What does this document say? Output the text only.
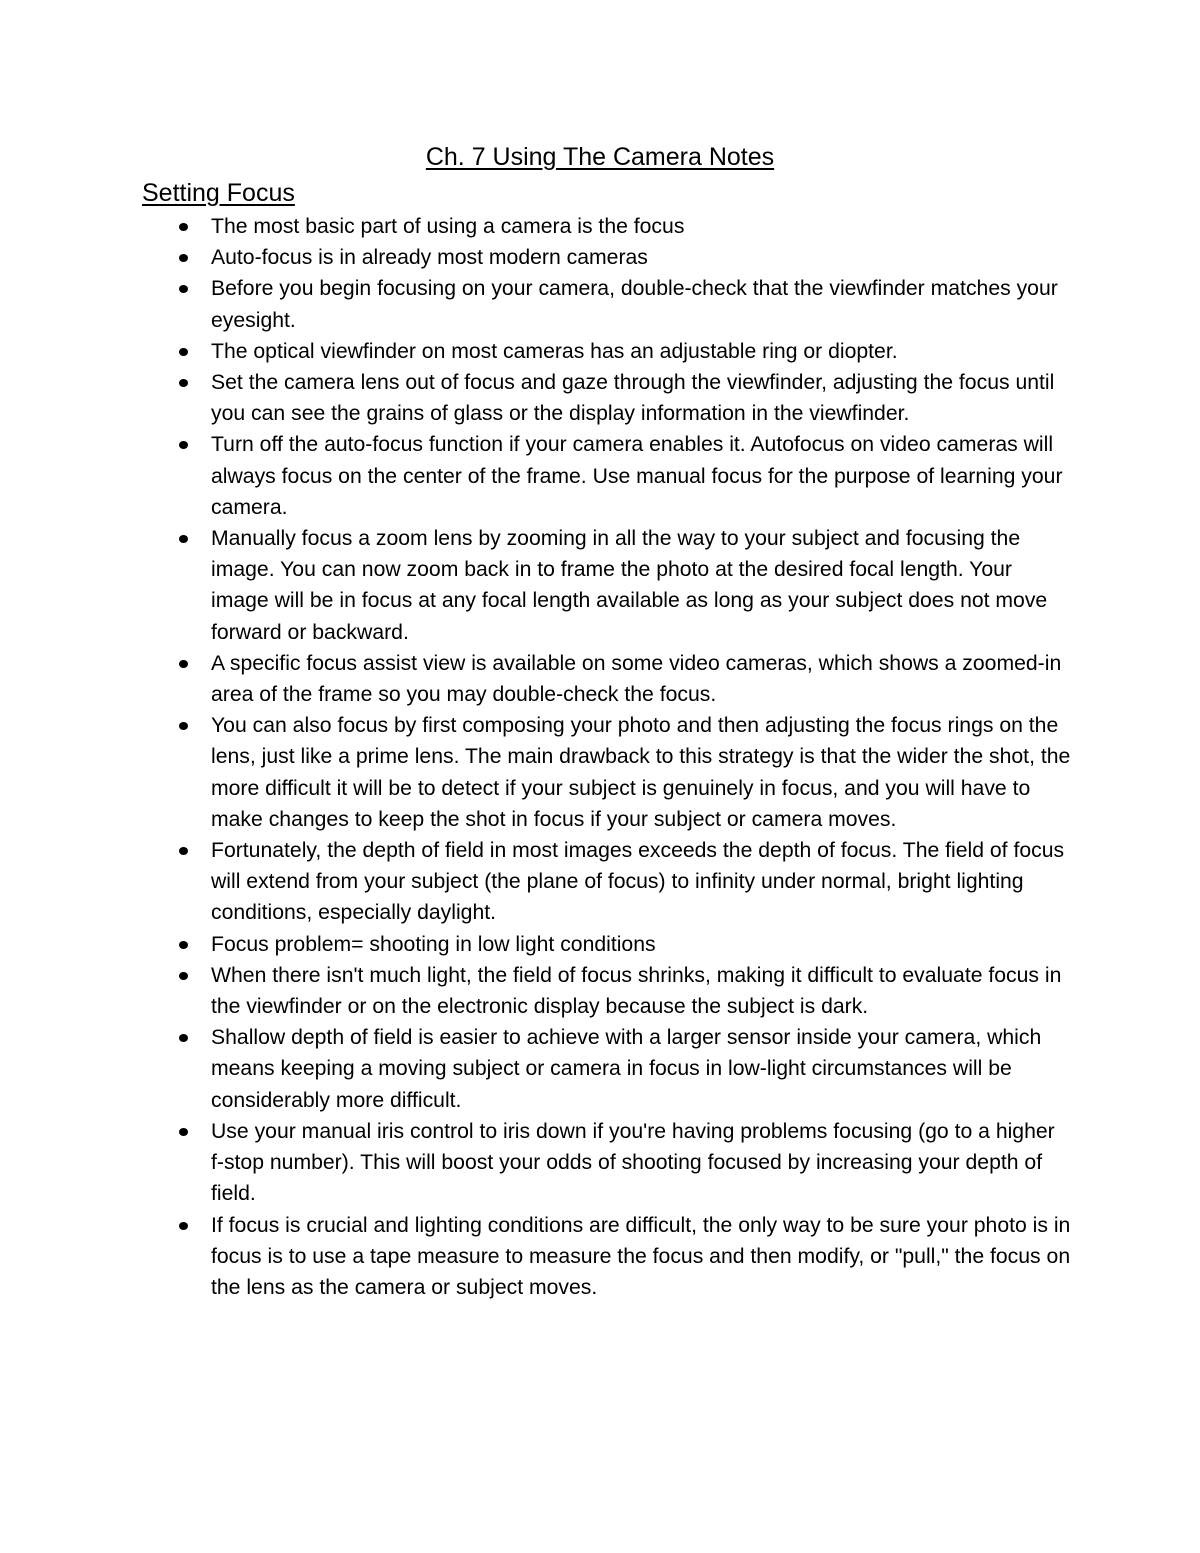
Ch. 7 Using The Camera Notes
Setting Focus
The most basic part of using a camera is the focus
Auto-focus is in already most modern cameras
Before you begin focusing on your camera, double-check that the viewfinder matches your eyesight.
The optical viewfinder on most cameras has an adjustable ring or diopter.
Set the camera lens out of focus and gaze through the viewfinder, adjusting the focus until you can see the grains of glass or the display information in the viewfinder.
Turn off the auto-focus function if your camera enables it. Autofocus on video cameras will always focus on the center of the frame. Use manual focus for the purpose of learning your camera.
Manually focus a zoom lens by zooming in all the way to your subject and focusing the image. You can now zoom back in to frame the photo at the desired focal length. Your image will be in focus at any focal length available as long as your subject does not move forward or backward.
A specific focus assist view is available on some video cameras, which shows a zoomed-in area of the frame so you may double-check the focus.
You can also focus by first composing your photo and then adjusting the focus rings on the lens, just like a prime lens. The main drawback to this strategy is that the wider the shot, the more difficult it will be to detect if your subject is genuinely in focus, and you will have to make changes to keep the shot in focus if your subject or camera moves.
Fortunately, the depth of field in most images exceeds the depth of focus. The field of focus will extend from your subject (the plane of focus) to infinity under normal, bright lighting conditions, especially daylight.
Focus problem= shooting in low light conditions
When there isn't much light, the field of focus shrinks, making it difficult to evaluate focus in the viewfinder or on the electronic display because the subject is dark.
Shallow depth of field is easier to achieve with a larger sensor inside your camera, which means keeping a moving subject or camera in focus in low-light circumstances will be considerably more difficult.
Use your manual iris control to iris down if you're having problems focusing (go to a higher f-stop number). This will boost your odds of shooting focused by increasing your depth of field.
If focus is crucial and lighting conditions are difficult, the only way to be sure your photo is in focus is to use a tape measure to measure the focus and then modify, or "pull," the focus on the lens as the camera or subject moves.
